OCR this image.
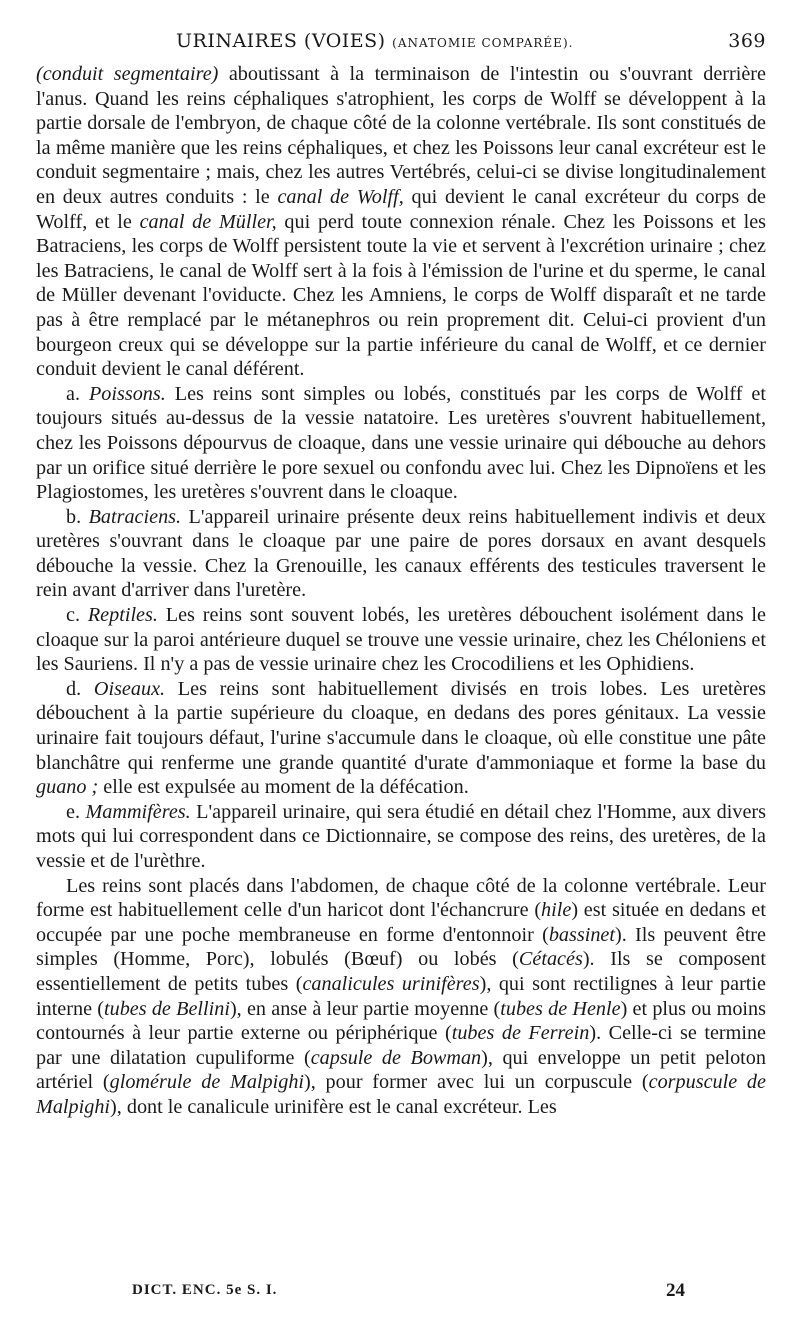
URINAIRES (VOIES) (ANATOMIE COMPARÉE).	369

(conduit segmentaire) aboutissant à la terminaison de l'intestin ou s'ouvrant derrière l'anus. Quand les reins céphaliques s'atrophient, les corps de Wolff se développent à la partie dorsale de l'embryon, de chaque côté de la colonne vertébrale. Ils sont constitués de la même manière que les reins céphaliques, et chez les Poissons leur canal excréteur est le conduit segmentaire ; mais, chez les autres Vertébrés, celui-ci se divise longitudinalement en deux autres conduits : le canal de Wolff, qui devient le canal excréteur du corps de Wolff, et le canal de Müller, qui perd toute connexion rénale. Chez les Poissons et les Batraciens, les corps de Wolff persistent toute la vie et servent à l'excrétion urinaire ; chez les Batraciens, le canal de Wolff sert à la fois à l'émission de l'urine et du sperme, le canal de Müller devenant l'oviducte. Chez les Amniens, le corps de Wolff disparaît et ne tarde pas à être remplacé par le métanephros ou rein proprement dit. Celui-ci provient d'un bourgeon creux qui se développe sur la partie inférieure du canal de Wolff, et ce dernier conduit devient le canal déférent.

a. Poissons. Les reins sont simples ou lobés, constitués par les corps de Wolff et toujours situés au-dessus de la vessie natatoire. Les uretères s'ouvrent habituellement, chez les Poissons dépourvus de cloaque, dans une vessie urinaire qui débouche au dehors par un orifice situé derrière le pore sexuel ou confondu avec lui. Chez les Dipnoïens et les Plagiostomes, les uretères s'ouvrent dans le cloaque.

b. Batraciens. L'appareil urinaire présente deux reins habituellement indivis et deux uretères s'ouvrant dans le cloaque par une paire de pores dorsaux en avant desquels débouche la vessie. Chez la Grenouille, les canaux efférents des testicules traversent le rein avant d'arriver dans l'uretère.

c. Reptiles. Les reins sont souvent lobés, les uretères débouchent isolément dans le cloaque sur la paroi antérieure duquel se trouve une vessie urinaire, chez les Chéloniens et les Sauriens. Il n'y a pas de vessie urinaire chez les Crocodiliens et les Ophidiens.

d. Oiseaux. Les reins sont habituellement divisés en trois lobes. Les uretères débouchent à la partie supérieure du cloaque, en dedans des pores génitaux. La vessie urinaire fait toujours défaut, l'urine s'accumule dans le cloaque, où elle constitue une pâte blanchâtre qui renferme une grande quantité d'urate d'ammoniaque et forme la base du guano ; elle est expulsée au moment de la défécation.

e. Mammifères. L'appareil urinaire, qui sera étudié en détail chez l'Homme, aux divers mots qui lui correspondent dans ce Dictionnaire, se compose des reins, des uretères, de la vessie et de l'urèthre.

Les reins sont placés dans l'abdomen, de chaque côté de la colonne vertébrale. Leur forme est habituellement celle d'un haricot dont l'échancrure (hile) est située en dedans et occupée par une poche membraneuse en forme d'entonnoir (bassinet). Ils peuvent être simples (Homme, Porc), lobulés (Bœuf) ou lobés (Cétacés). Ils se composent essentiellement de petits tubes (canalicules urinifères), qui sont rectilignes à leur partie interne (tubes de Bellini), en anse à leur partie moyenne (tubes de Henle) et plus ou moins contournés à leur partie externe ou périphérique (tubes de Ferrein). Celle-ci se termine par une dilatation cupuliforme (capsule de Bowman), qui enveloppe un petit peloton artériel (glomérule de Malpighi), pour former avec lui un corpuscule (corpuscule de Malpighi), dont le canalicule urinifère est le canal excréteur. Les

DICT. ENC. 5e S. I.	24
